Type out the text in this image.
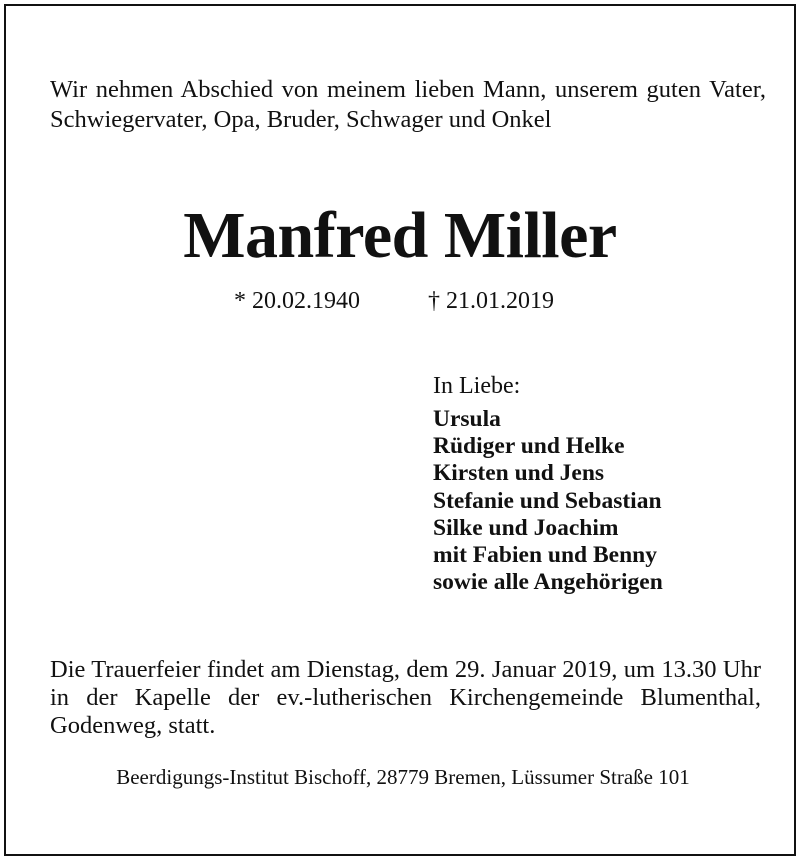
Wir nehmen Abschied von meinem lieben Mann, unserem guten Vater, Schwiegervater, Opa, Bruder, Schwager und Onkel
Manfred Miller
* 20.02.1940	† 21.01.2019
In Liebe:
Ursula
Rüdiger und Helke
Kirsten und Jens
Stefanie und Sebastian
Silke und Joachim
mit Fabien und Benny
sowie alle Angehörigen
Die Trauerfeier findet am Dienstag, dem 29. Januar 2019, um 13.30 Uhr in der Kapelle der ev.-lutherischen Kirchengemeinde Blumenthal, Godenweg, statt.
Beerdigungs-Institut Bischoff, 28779 Bremen, Lüssumer Straße 101
